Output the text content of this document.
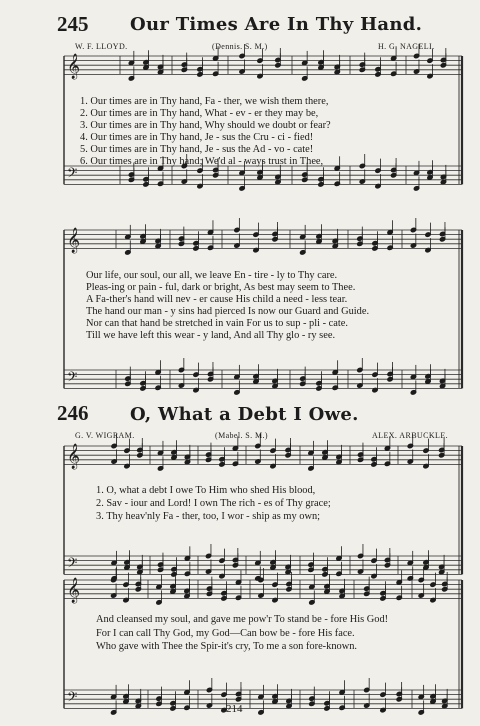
𝄞
𝄢
𝄞
𝄢
𝄞
𝄢
𝄞
𝄢
245 Our Times Are In Thy Hand.
W. F. LLOYD.	(Dennis. S. M.)	H. G. NAGELI.
1. Our times are in Thy hand, Fa - ther, we wish them there,
2. Our times are in Thy hand, What - ev - er they may be,
3. Our times are in Thy hand, Why should we doubt or fear?
4. Our times are in Thy hand, Je - sus the Cru - ci - fied!
5. Our times are in Thy hand, Je - sus the Ad - vo - cate!
6. Our times are in Thy hand; We'd al - ways trust in Thee,
Our life, our soul, our all, we leave En - tire - ly to Thy care.
Pleas-ing or pain - ful, dark or bright, As best may seem to Thee.
A Fa-ther's hand will nev - er cause His child a need - less tear.
The hand our man - y sins had pierced Is now our Guard and Guide.
Nor can that hand be stretched in vain For us to sup - pli - cate.
Till we have left this wear - y land, And all Thy glo - ry see.
246 O, What a Debt I Owe.
G. V. WIGRAM.	(Mabel. S. M.)	ALEX. ARBUCKLE.
1. O, what a debt I owe To Him who shed His blood,
2. Sav - iour and Lord! I own The rich - es of Thy grace;
3. Thy heav'nly Fa - ther, too, I wor - ship as my own;
And cleansed my soul, and gave me pow'r To stand be - fore His God!
For I can call Thy God, my God—Can bow be - fore His face.
Who gave with Thee the Spir-it's cry, To me a son fore-known.
214
